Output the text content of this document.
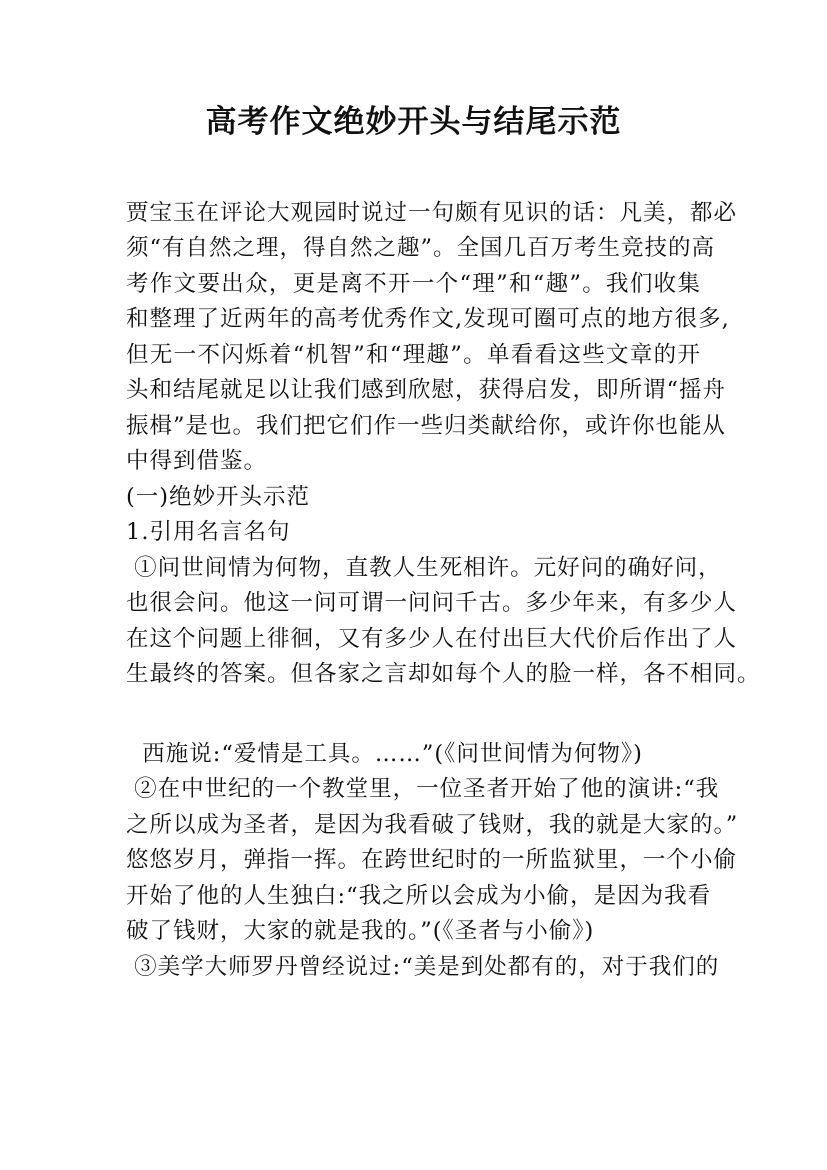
高考作文绝妙开头与结尾示范
贾宝玉在评论大观园时说过一句颇有见识的话：凡美，都必
须“有自然之理，得自然之趣”。全国几百万考生竞技的高
考作文要出众，更是离不开一个“理”和“趣”。我们收集
和整理了近两年的高考优秀作文,发现可圈可点的地方很多,
但无一不闪烁着“机智”和“理趣”。单看看这些文章的开
头和结尾就足以让我们感到欣慰，获得启发，即所谓“摇舟
振楫”是也。我们把它们作一些归类献给你，或许你也能从
中得到借鉴。
(一)绝妙开头示范
1.引用名言名句
①问世间情为何物，直教人生死相许。元好问的确好问，
也很会问。他这一问可谓一问问千古。多少年来，有多少人
在这个问题上徘徊，又有多少人在付出巨大代价后作出了人
生最终的答案。但各家之言却如每个人的脸一样，各不相同。
西施说:“爱情是工具。……”(《问世间情为何物》)
②在中世纪的一个教堂里，一位圣者开始了他的演讲:“我
之所以成为圣者，是因为我看破了钱财，我的就是大家的。”
悠悠岁月，弹指一挥。在跨世纪时的一所监狱里，一个小偷
开始了他的人生独白:“我之所以会成为小偷，是因为我看
破了钱财，大家的就是我的。”(《圣者与小偷》)
③美学大师罗丹曾经说过:“美是到处都有的，对于我们的
